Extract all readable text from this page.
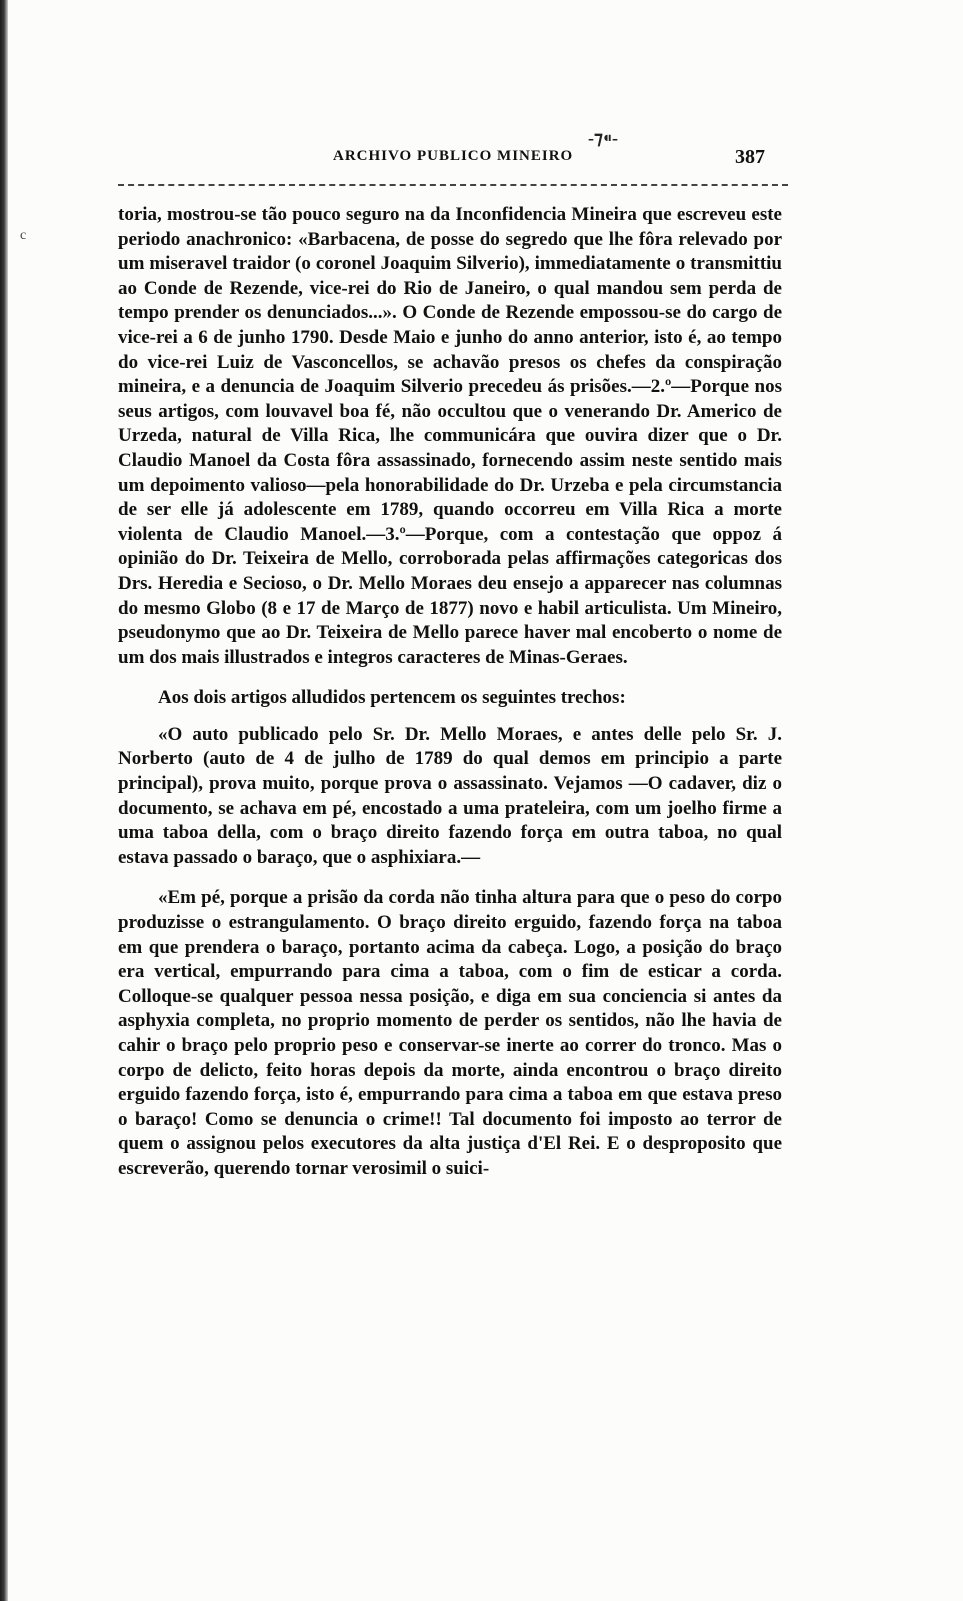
c
ARCHIVO PUBLICO MINEIRO
-⁊⁌-
387

toria, mostrou-se tão pouco seguro na da Inconfidencia Mineira que escreveu este periodo anachronico: «Barbacena, de posse do segredo que lhe fôra relevado por um miseravel traidor (o coronel Joaquim Silverio), immediatamente o transmittiu ao Conde de Rezende, vice-rei do Rio de Janeiro, o qual mandou sem perda de tempo prender os denunciados...». O Conde de Rezende empossou-se do cargo de vice-rei a 6 de junho 1790. Desde Maio e junho do anno anterior, isto é, ao tempo do vice-rei Luiz de Vasconcellos, se achavão presos os chefes da conspiração mineira, e a denuncia de Joaquim Silverio precedeu ás prisões.—2.º—Porque nos seus artigos, com louvavel boa fé, não occultou que o venerando Dr. Americo de Urzeda, natural de Villa Rica, lhe communicára que ouvira dizer que o Dr. Claudio Manoel da Costa fôra assassinado, fornecendo assim neste sentido mais um depoimento valioso—pela honorabilidade do Dr. Urzeba e pela circumstancia de ser elle já adolescente em 1789, quando occorreu em Villa Rica a morte violenta de Claudio Manoel.—3.º—Porque, com a contestação que oppoz á opinião do Dr. Teixeira de Mello, corroborada pelas affirmações categoricas dos Drs. Heredia e Secioso, o Dr. Mello Moraes deu ensejo a apparecer nas columnas do mesmo Globo (8 e 17 de Março de 1877) novo e habil articulista. Um Mineiro, pseudonymo que ao Dr. Teixeira de Mello parece haver mal encoberto o nome de um dos mais illustrados e integros caracteres de Minas-Geraes.

Aos dois artigos alludidos pertencem os seguintes trechos:

«O auto publicado pelo Sr. Dr. Mello Moraes, e antes delle pelo Sr. J. Norberto (auto de 4 de julho de 1789 do qual demos em principio a parte principal), prova muito, porque prova o assassinato. Vejamos —O cadaver, diz o documento, se achava em pé, encostado a uma prateleira, com um joelho firme a uma taboa della, com o braço direito fazendo força em outra taboa, no qual estava passado o baraço, que o asphixiara.—

«Em pé, porque a prisão da corda não tinha altura para que o peso do corpo produzisse o estrangulamento. O braço direito erguido, fazendo força na taboa em que prendera o baraço, portanto acima da cabeça. Logo, a posição do braço era vertical, empurrando para cima a taboa, com o fim de esticar a corda. Colloque-se qualquer pessoa nessa posição, e diga em sua conciencia si antes da asphyxia completa, no proprio momento de perder os sentidos, não lhe havia de cahir o braço pelo proprio peso e conservar-se inerte ao correr do tronco. Mas o corpo de delicto, feito horas depois da morte, ainda encontrou o braço direito erguido fazendo força, isto é, empurrando para cima a taboa em que estava preso o baraço! Como se denuncia o crime!! Tal documento foi imposto ao terror de quem o assignou pelos executores da alta justiça d'El Rei. E o desproposito que escreverão, querendo tornar verosimil o suici-
